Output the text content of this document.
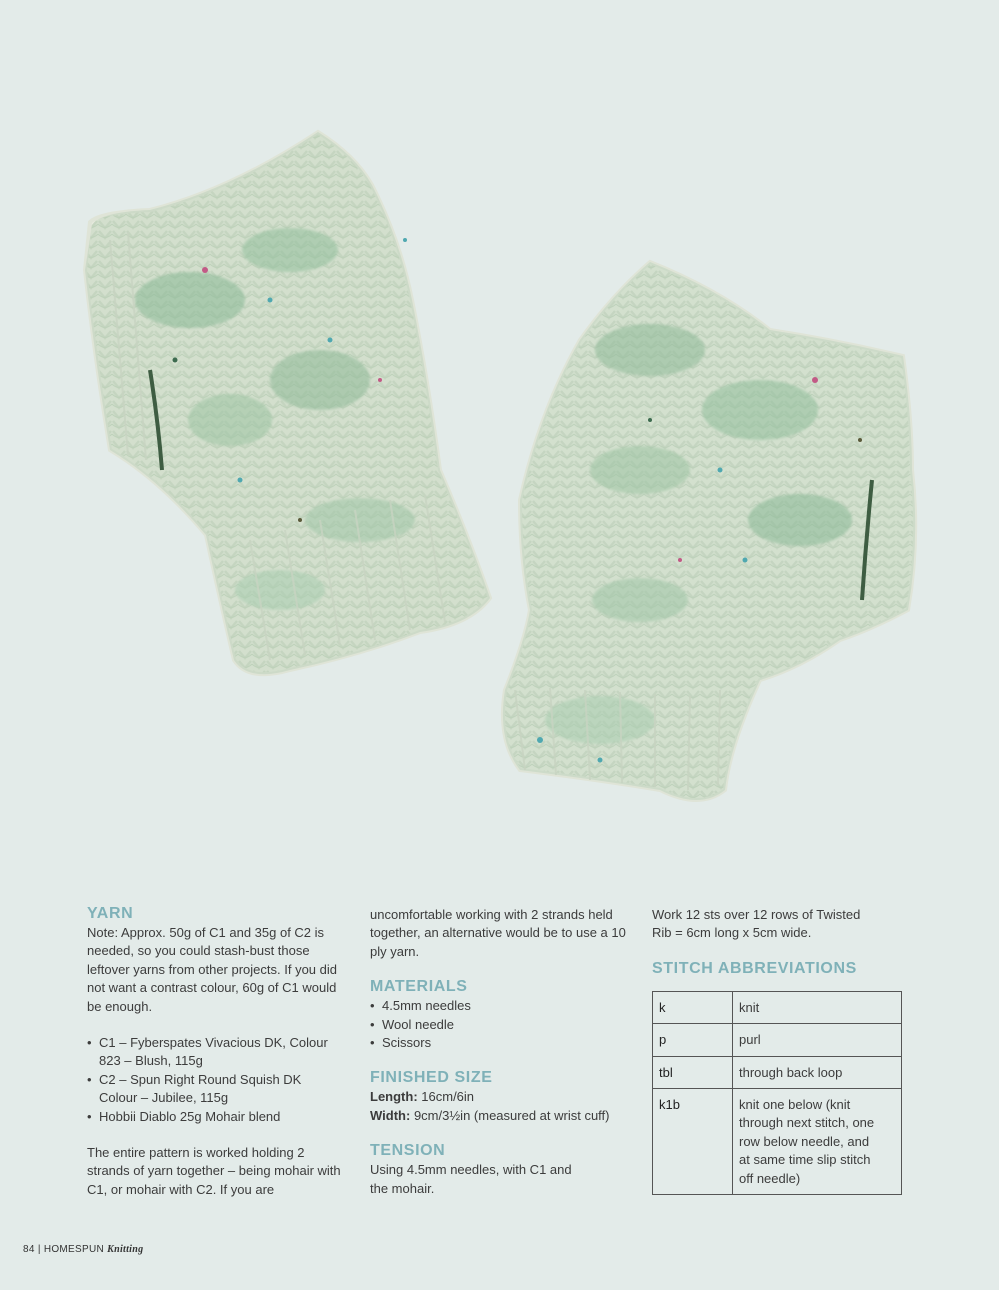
YARN

Note: Approx. 50g of C1 and 35g of C2 is needed, so you could stash-bust those leftover yarns from other projects. If you did not want a contrast colour, 60g of C1 would be enough.

• C1 – Fyberspates Vivacious DK, Colour 823 – Blush, 115g
• C2 – Spun Right Round Squish DK Colour – Jubilee, 115g
• Hobbii Diablo 25g Mohair blend

The entire pattern is worked holding 2 strands of yarn together – being mohair with C1, or mohair with C2. If you are

uncomfortable working with 2 strands held together, an alternative would be to use a 10 ply yarn.

MATERIALS
• 4.5mm needles
• Wool needle
• Scissors
FINISHED SIZE

Length: 16cm/6in

Width: 9cm/3½in (measured at wrist cuff)

TENSION

Using 4.5mm needles, with C1 and the mohair.

Work 12 sts over 12 rows of Twisted Rib = 6cm long x 5cm wide.

STITCH ABBREVIATIONS
k	knit
p	purl
tbl	through back loop
k1b	knit one below (knit through next stitch, one row below needle, and at same time slip stitch off needle)
84 | HOMESPUN Knitting
